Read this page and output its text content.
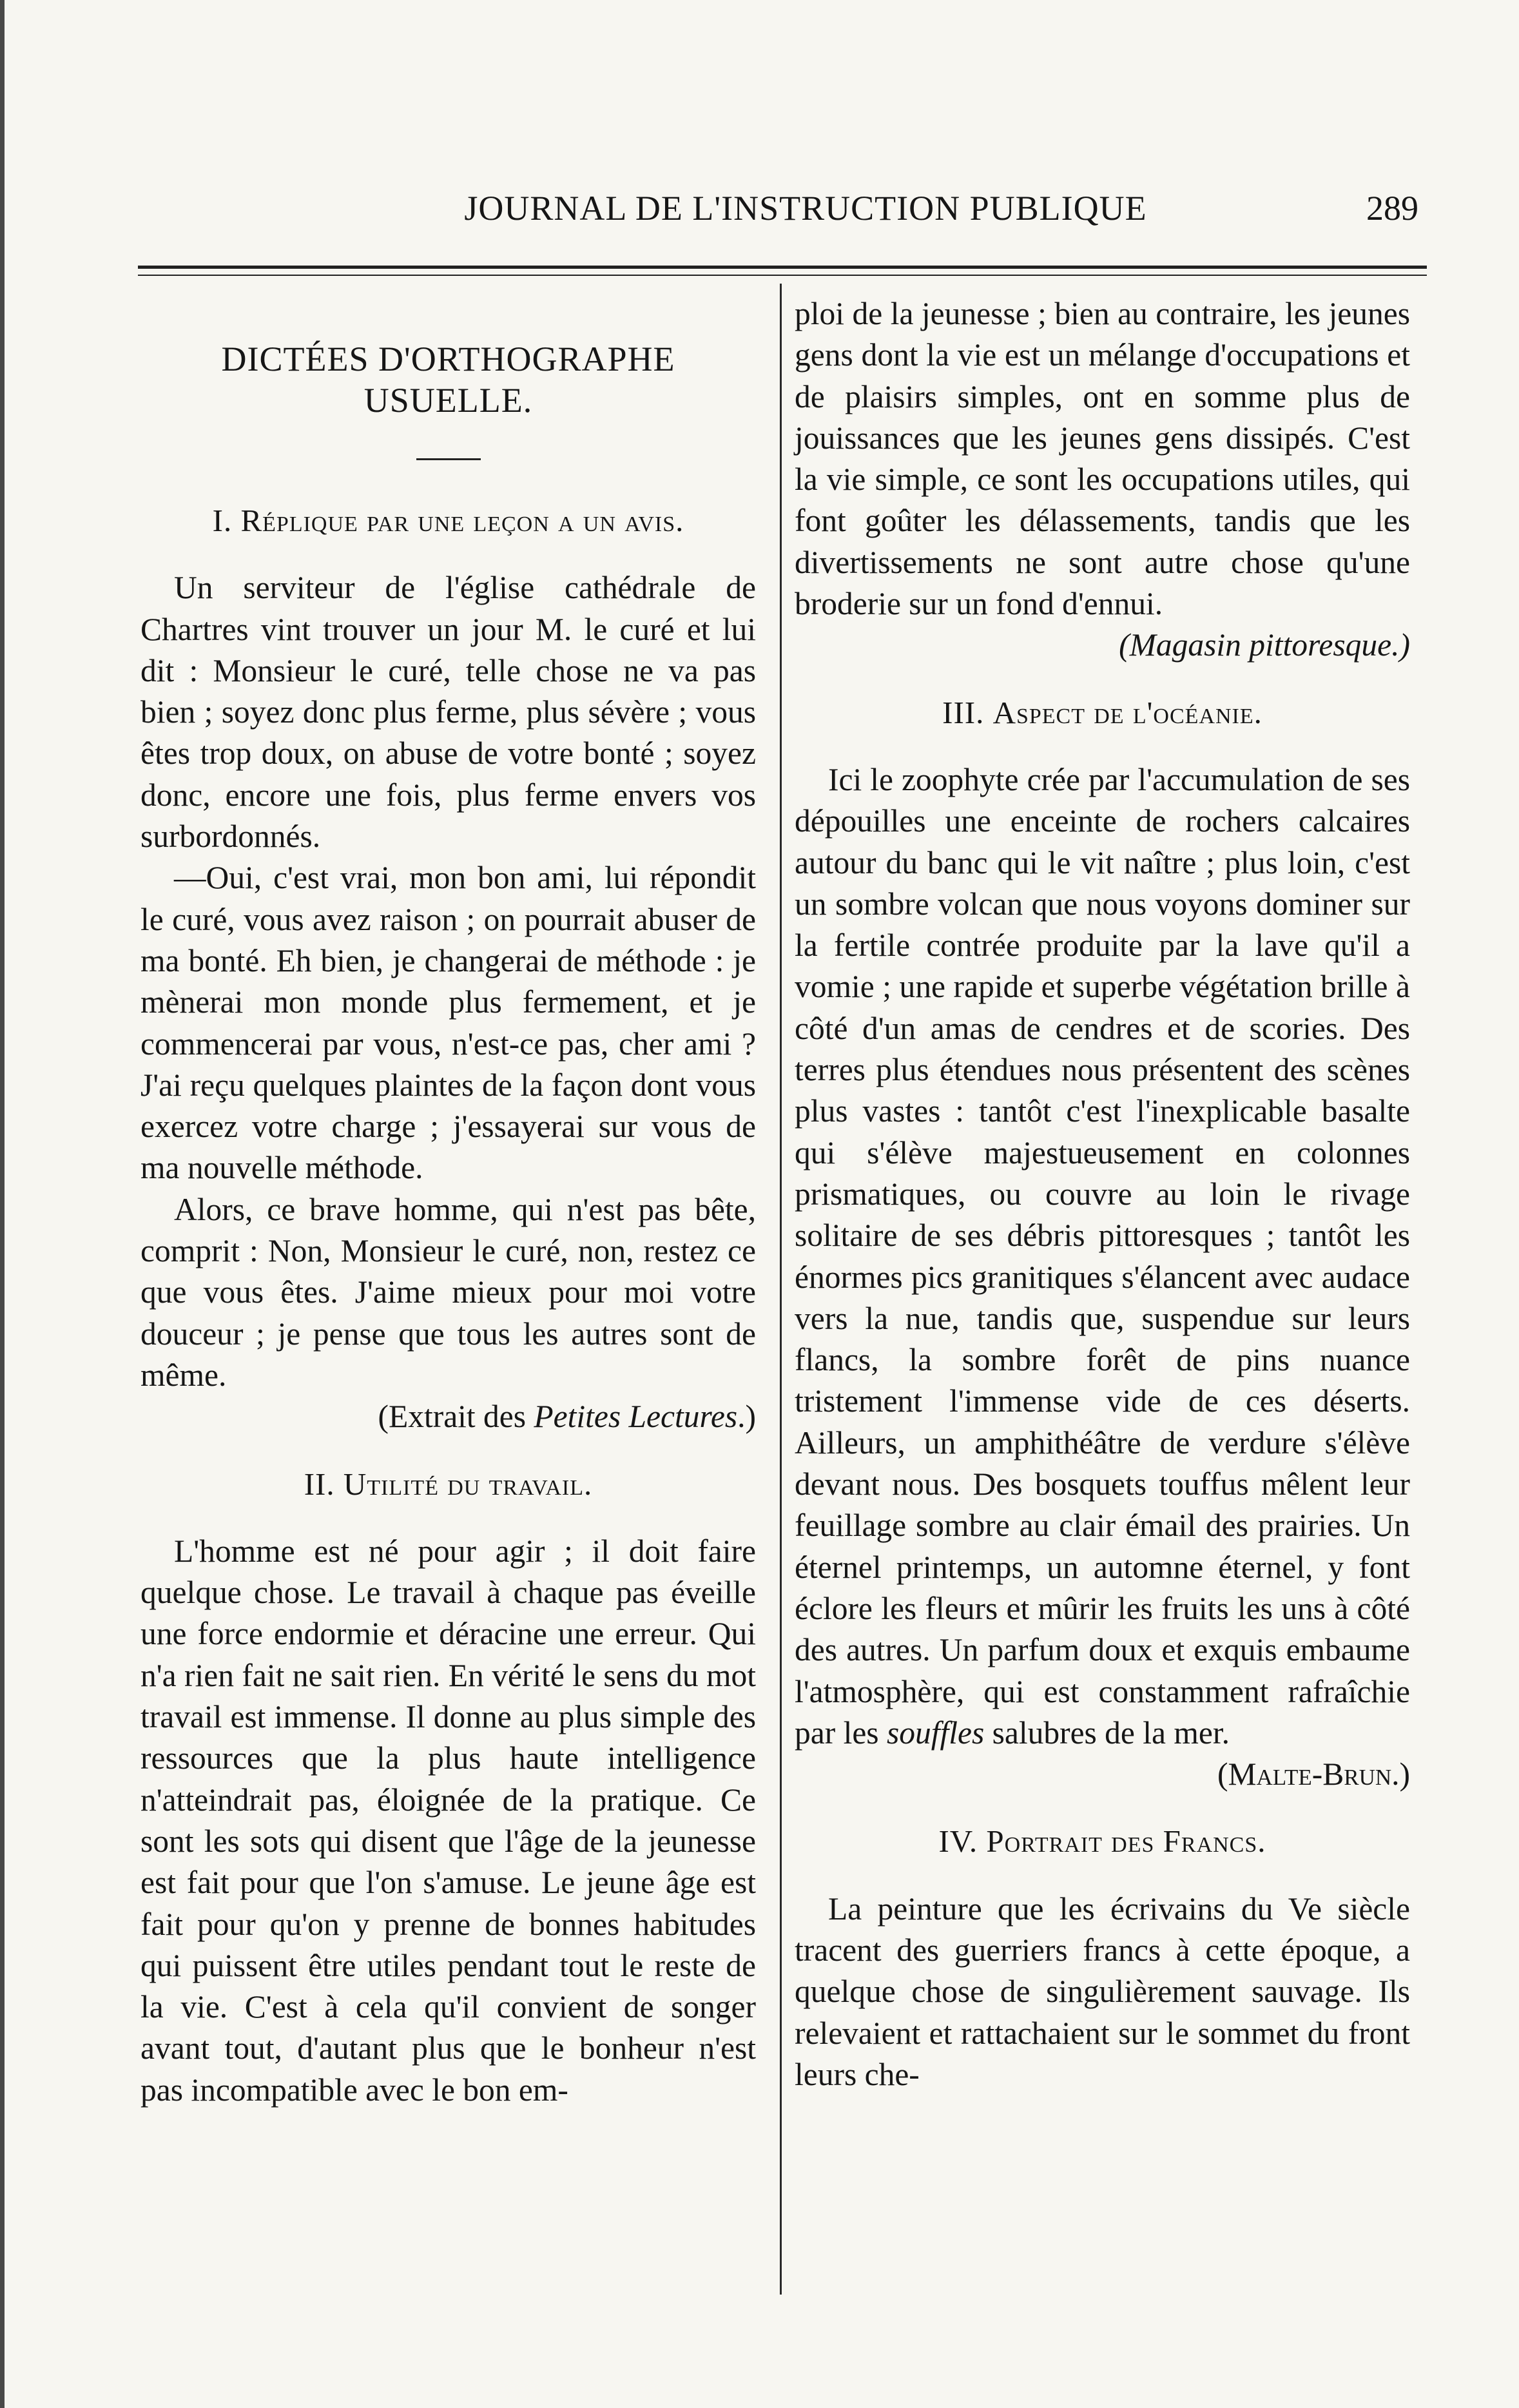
JOURNAL DE L'INSTRUCTION PUBLIQUE	289
DICTÉES D'ORTHOGRAPHE
USUELLE.
I. Réplique par une leçon a un avis.

Un serviteur de l'église cathédrale de Chartres vint trouver un jour M. le curé et lui dit : Monsieur le curé, telle chose ne va pas bien ; soyez donc plus ferme, plus sévère ; vous êtes trop doux, on abuse de votre bonté ; soyez donc, encore une fois, plus ferme envers vos surbordonnés.

—Oui, c'est vrai, mon bon ami, lui répondit le curé, vous avez raison ; on pourrait abuser de ma bonté. Eh bien, je changerai de méthode : je mènerai mon monde plus fermement, et je commencerai par vous, n'est-ce pas, cher ami ? J'ai reçu quelques plaintes de la façon dont vous exercez votre charge ; j'essayerai sur vous de ma nouvelle méthode.

Alors, ce brave homme, qui n'est pas bête, comprit : Non, Monsieur le curé, non, restez ce que vous êtes. J'aime mieux pour moi votre douceur ; je pense que tous les autres sont de même.

(Extrait des Petites Lectures.)

II. Utilité du travail.

L'homme est né pour agir ; il doit faire quelque chose. Le travail à chaque pas éveille une force endormie et déracine une erreur. Qui n'a rien fait ne sait rien. En vérité le sens du mot travail est immense. Il donne au plus simple des ressources que la plus haute intelligence n'atteindrait pas, éloignée de la pratique. Ce sont les sots qui disent que l'âge de la jeunesse est fait pour que l'on s'amuse. Le jeune âge est fait pour qu'on y prenne de bonnes habitudes qui puissent être utiles pendant tout le reste de la vie. C'est à cela qu'il convient de songer avant tout, d'autant plus que le bonheur n'est pas incompatible avec le bon em-

ploi de la jeunesse ; bien au contraire, les jeunes gens dont la vie est un mélange d'occupations et de plaisirs simples, ont en somme plus de jouissances que les jeunes gens dissipés. C'est la vie simple, ce sont les occupations utiles, qui font goûter les délassements, tandis que les divertissements ne sont autre chose qu'une broderie sur un fond d'ennui.

(Magasin pittoresque.)

III. Aspect de l'océanie.

Ici le zoophyte crée par l'accumulation de ses dépouilles une enceinte de rochers calcaires autour du banc qui le vit naître ; plus loin, c'est un sombre volcan que nous voyons dominer sur la fertile contrée produite par la lave qu'il a vomie ; une rapide et superbe végétation brille à côté d'un amas de cendres et de scories. Des terres plus étendues nous présentent des scènes plus vastes : tantôt c'est l'inexplicable basalte qui s'élève majestueusement en colonnes prismatiques, ou couvre au loin le rivage solitaire de ses débris pittoresques ; tantôt les énormes pics granitiques s'élancent avec audace vers la nue, tandis que, suspendue sur leurs flancs, la sombre forêt de pins nuance tristement l'immense vide de ces déserts. Ailleurs, un amphithéâtre de verdure s'élève devant nous. Des bosquets touffus mêlent leur feuillage sombre au clair émail des prairies. Un éternel printemps, un automne éternel, y font éclore les fleurs et mûrir les fruits les uns à côté des autres. Un parfum doux et exquis embaume l'atmosphère, qui est constamment rafraîchie par les souffles salubres de la mer.

(Malte-Brun.)

IV. Portrait des Francs.

La peinture que les écrivains du Ve siècle tracent des guerriers francs à cette époque, a quelque chose de singulièrement sauvage. Ils relevaient et rattachaient sur le sommet du front leurs che-
